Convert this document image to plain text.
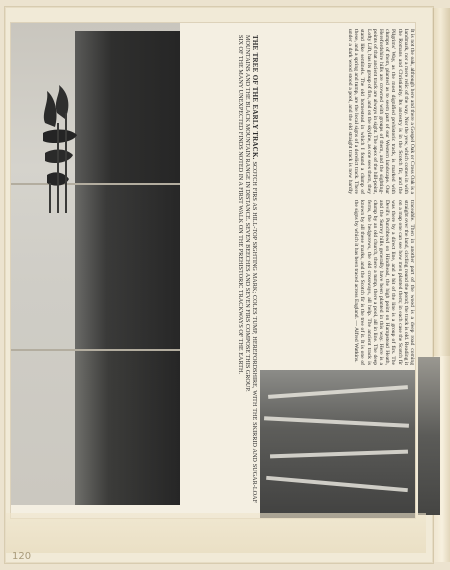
THE TREE OF THE EARLY TRACK. SCOTCH FIRS AS HILL-TOP SIGHTING MARK; COLES TUMP, HEREFORDSHIRE, WITH THE SKIRRID AND SUGAR-LOAF MOUNTAINS AND THE BLACK MOUNTAIN RANGE IN DISTANCE. SEVEN BEECHES AND SEVEN FIRS COMPOSE THIS GROUP.
SIX OF THE MANY UNEXPECTED FINDS NOTED IN A FIRST WALK ON THE PREHISTORIC TRACKWAYS OF THE EARTH.	It is not the oak, although here and there a Gospel Oak or Cross Oak is a landmark, nor a mere relic of the way. Nor the yew, which comes in with the Romans and Christianity. Its ancestry is in the Scotch fir, and the Pilgrims' Way, as the most dignified prehistoric track, is marked with clumps of them, planted as to seem part of our Western landscape. Our Herefordshire hills are crowned with groups of them, and the sighting-points of that ancient track are always in sight. The apex of the hill-point, Lofty Lift, has its group of firs, and on the skyline, as one sees them, they stand like sentinels. The old homestead in which I found a clump of these, and a spring and tump, are the local signs of a derelict track. There under a dark wood stood a pool, and the old straight track is now hardly traceable. Then in another part of the wood is a deep road coming straight over the land, circling round the pond; the track is old. Reading it on a map one can see how men planted them; in each case the Scotch fir was there by a direct line, and a bit of the line is a group of firs. The Devil's Punchbowl on Hindhead, the high point on Hampstead Heath, and the Surrey hills generally have been planted in this way. Here is a clump by an old church, there a tump, there a pool, all in line. The deep ferns, the hedgerows, the old crossways, all help. The ancient track is known by all these marks, and the Scotch fir is the tree of it. It is one of the signs by which it has been traced across England. — Alfred Watkins.
120
